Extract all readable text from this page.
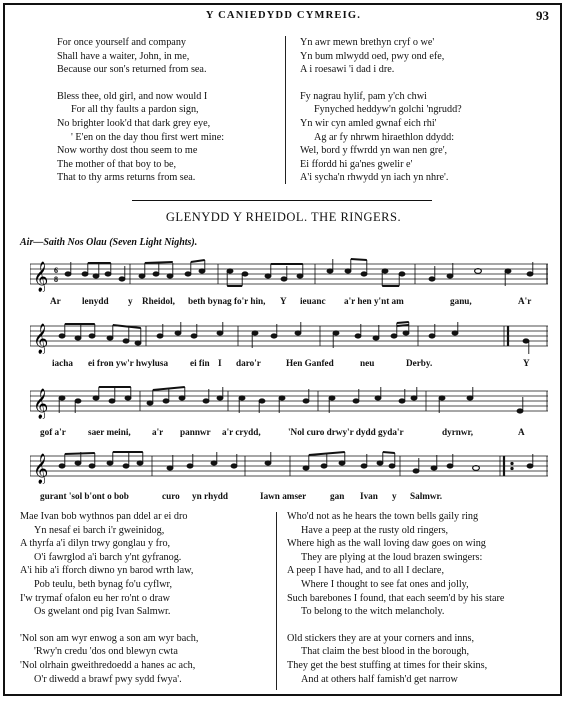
Y CANIEDYDD CYMREIG.	93
For once yourself and company
Shall have a waiter, John, in me,
Because our son's returned from sea.
Bless thee, old girl, and now would I
For all thy faults a pardon sign,
No brighter look'd that dark grey eye,
' E'en on the day thou first wert mine:
Now worthy dost thou seem to me
The mother of that boy to be,
That to thy arms returns from sea.
Yn awr mewn brethyn cryf o we'
Yn bum mlwydd oed, pwy ond efe,
A i roesawi 'i dad i dre.
Fy nagrau hylif, pam y'ch chwi
Fynyched heddyw'n golchi 'ngrudd?
Yn wir cyn amled gwnaf eich rhi'
Ag ar fy nhrwm hiraethlon ddydd:
Wel, bord y ffwrdd yn wan nen gre',
Ei ffordd hi ga'nes gwelir e'
A'i sycha'n rhwydd yn iach yn nhre'.
GLENYDD Y RHEIDOL. THE RINGERS.
Air—Saith Nos Olau (Seven Light Nights).
𝄞 6
8
Ar lenydd y Rheidol, beth bynag fo'r hin, Y ieuanc a'r hen y'nt am	ganu,	A'r
𝄞
iacha ei fron yw'r hwylusa ei fin I daro'r	Hen Ganfed	neu	Derby.	Y
𝄞
gof a'r saer meini, a'r pannwr a'r crydd,	'Nol curo drwy'r dydd gyda'r	dyrnwr,	A
𝄞
gurant 'sol b'ont o bob	curo yn rhydd	Iawn amser	gan Ivan y Salmwr.
Mae Ivan bob wythnos pan ddel ar ei dro
Yn nesaf ei barch i'r gweinidog,
A thyrfa a'i dilyn trwy gonglau y fro,
O'i fawrglod a'i barch y'nt gyfranog.
A'i hib a'i fforch diwno yn barod wrth law,
Pob teulu, beth bynag fo'u cyflwr,
I'w trymaf ofalon eu her ro'nt o draw
Os gwelant ond pig Ivan Salmwr.
'Nol son am wyr enwog a son am wyr bach,
'Rwy'n credu 'dos ond blewyn cwta
'Nol olrhain gweithredoedd a hanes ac ach,
O'r diwedd a brawf pwy sydd fwya'.
Who'd not as he hears the town bells gaily ring
Have a peep at the rusty old ringers,
Where high as the wall loving daw goes on wing
They are plying at the loud brazen swingers:
A peep I have had, and to all I declare,
Where I thought to see fat ones and jolly,
Such barebones I found, that each seem'd by his stare
To belong to the witch melancholy.
Old stickers they are at your corners and inns,
That claim the best blood in the borough,
They get the best stuffing at times for their skins,
And at others half famish'd get narrow
